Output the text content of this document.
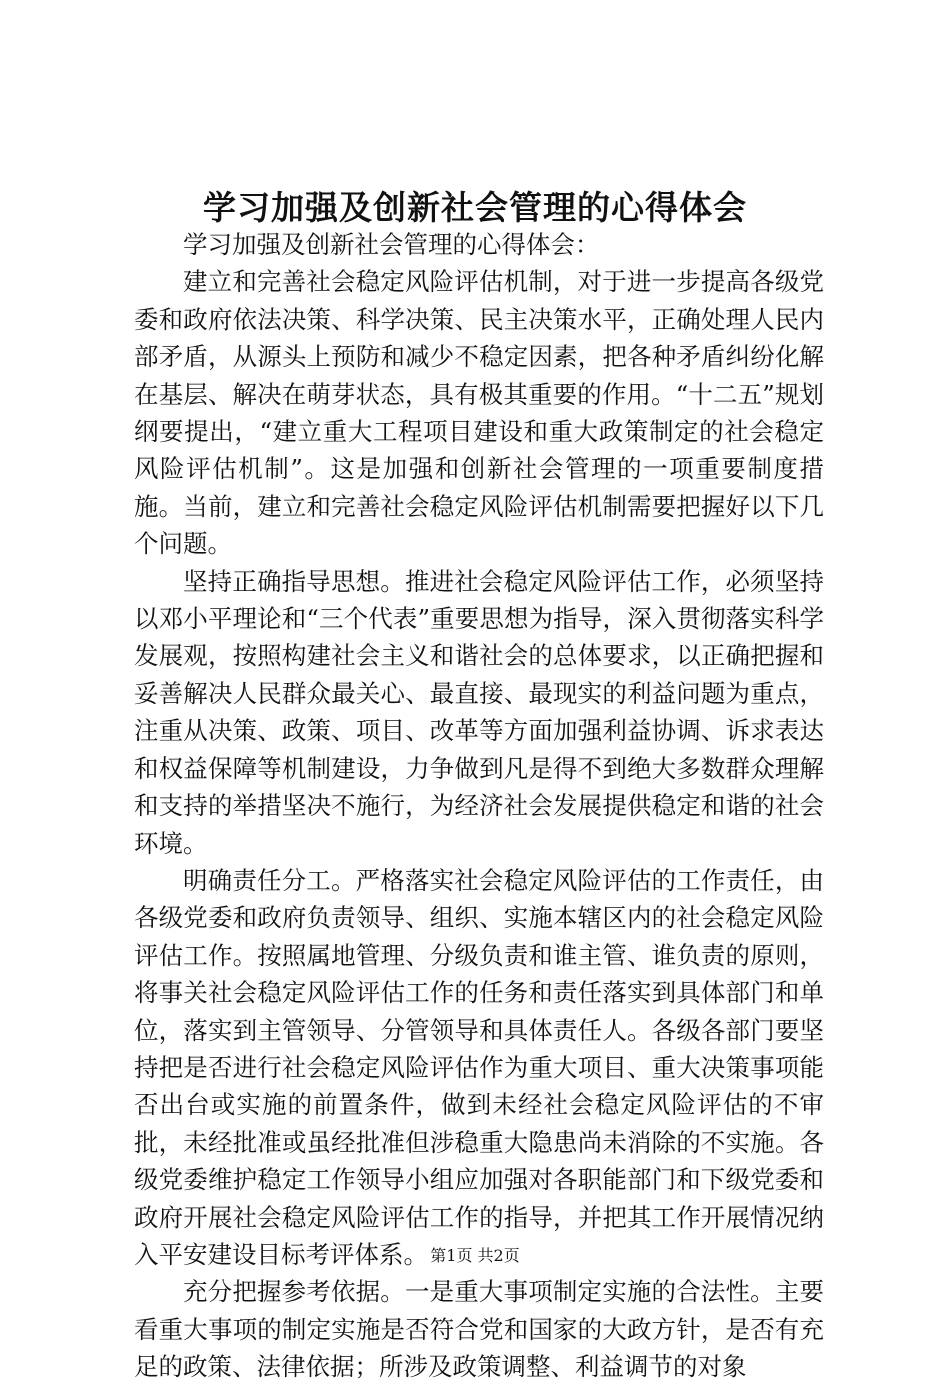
学习加强及创新社会管理的心得体会

学习加强及创新社会管理的心得体会：

建立和完善社会稳定风险评估机制，对于进一步提高各级党委和政府依法决策、科学决策、民主决策水平，正确处理人民内部矛盾，从源头上预防和减少不稳定因素，把各种矛盾纠纷化解在基层、解决在萌芽状态，具有极其重要的作用。“十二五”规划纲要提出，“建立重大工程项目建设和重大政策制定的社会稳定风险评估机制”。这是加强和创新社会管理的一项重要制度措施。当前，建立和完善社会稳定风险评估机制需要把握好以下几个问题。

坚持正确指导思想。推进社会稳定风险评估工作，必须坚持以邓小平理论和“三个代表”重要思想为指导，深入贯彻落实科学发展观，按照构建社会主义和谐社会的总体要求，以正确把握和妥善解决人民群众最关心、最直接、最现实的利益问题为重点，注重从决策、政策、项目、改革等方面加强利益协调、诉求表达和权益保障等机制建设，力争做到凡是得不到绝大多数群众理解和支持的举措坚决不施行，为经济社会发展提供稳定和谐的社会环境。

明确责任分工。严格落实社会稳定风险评估的工作责任，由各级党委和政府负责领导、组织、实施本辖区内的社会稳定风险评估工作。按照属地管理、分级负责和谁主管、谁负责的原则，将事关社会稳定风险评估工作的任务和责任落实到具体部门和单位，落实到主管领导、分管领导和具体责任人。各级各部门要坚持把是否进行社会稳定风险评估作为重大项目、重大决策事项能否出台或实施的前置条件，做到未经社会稳定风险评估的不审批，未经批准或虽经批准但涉稳重大隐患尚未消除的不实施。各级党委维护稳定工作领导小组应加强对各职能部门和下级党委和政府开展社会稳定风险评估工作的指导，并把其工作开展情况纳入平安建设目标考评体系。

充分把握参考依据。一是重大事项制定实施的合法性。主要看重大事项的制定实施是否符合党和国家的大政方针，是否有充足的政策、法律依据；所涉及政策调整、利益调节的对象

第1页 共2页
